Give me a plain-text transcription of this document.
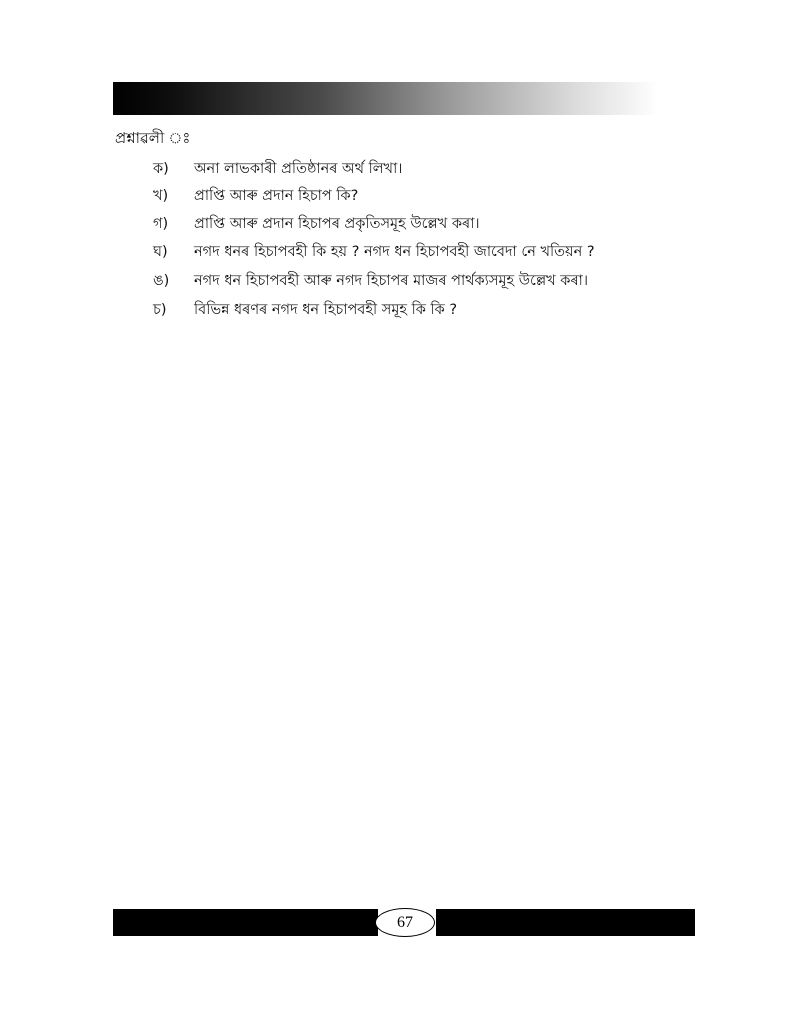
প্ৰশ্নাৱলী ঃ
ক) অনা লাভকাৰী প্ৰতিষ্ঠানৰ অৰ্থ লিখা।
খ) প্ৰাপ্তি আৰু প্ৰদান হিচাপ কি?
গ) প্ৰাপ্তি আৰু প্ৰদান হিচাপৰ প্ৰকৃতিসমূহ উল্লেখ কৰা।
ঘ) নগদ ধনৰ হিচাপবহী কি হয় ? নগদ ধন হিচাপবহী জাবেদা নে খতিয়ন ?
ঙ) নগদ ধন হিচাপবহী আৰু নগদ হিচাপৰ মাজৰ পাৰ্থক্যসমূহ উল্লেখ কৰা।
চ) বিভিন্ন ধৰণৰ নগদ ধন হিচাপবহী সমূহ কি কি ?
67
